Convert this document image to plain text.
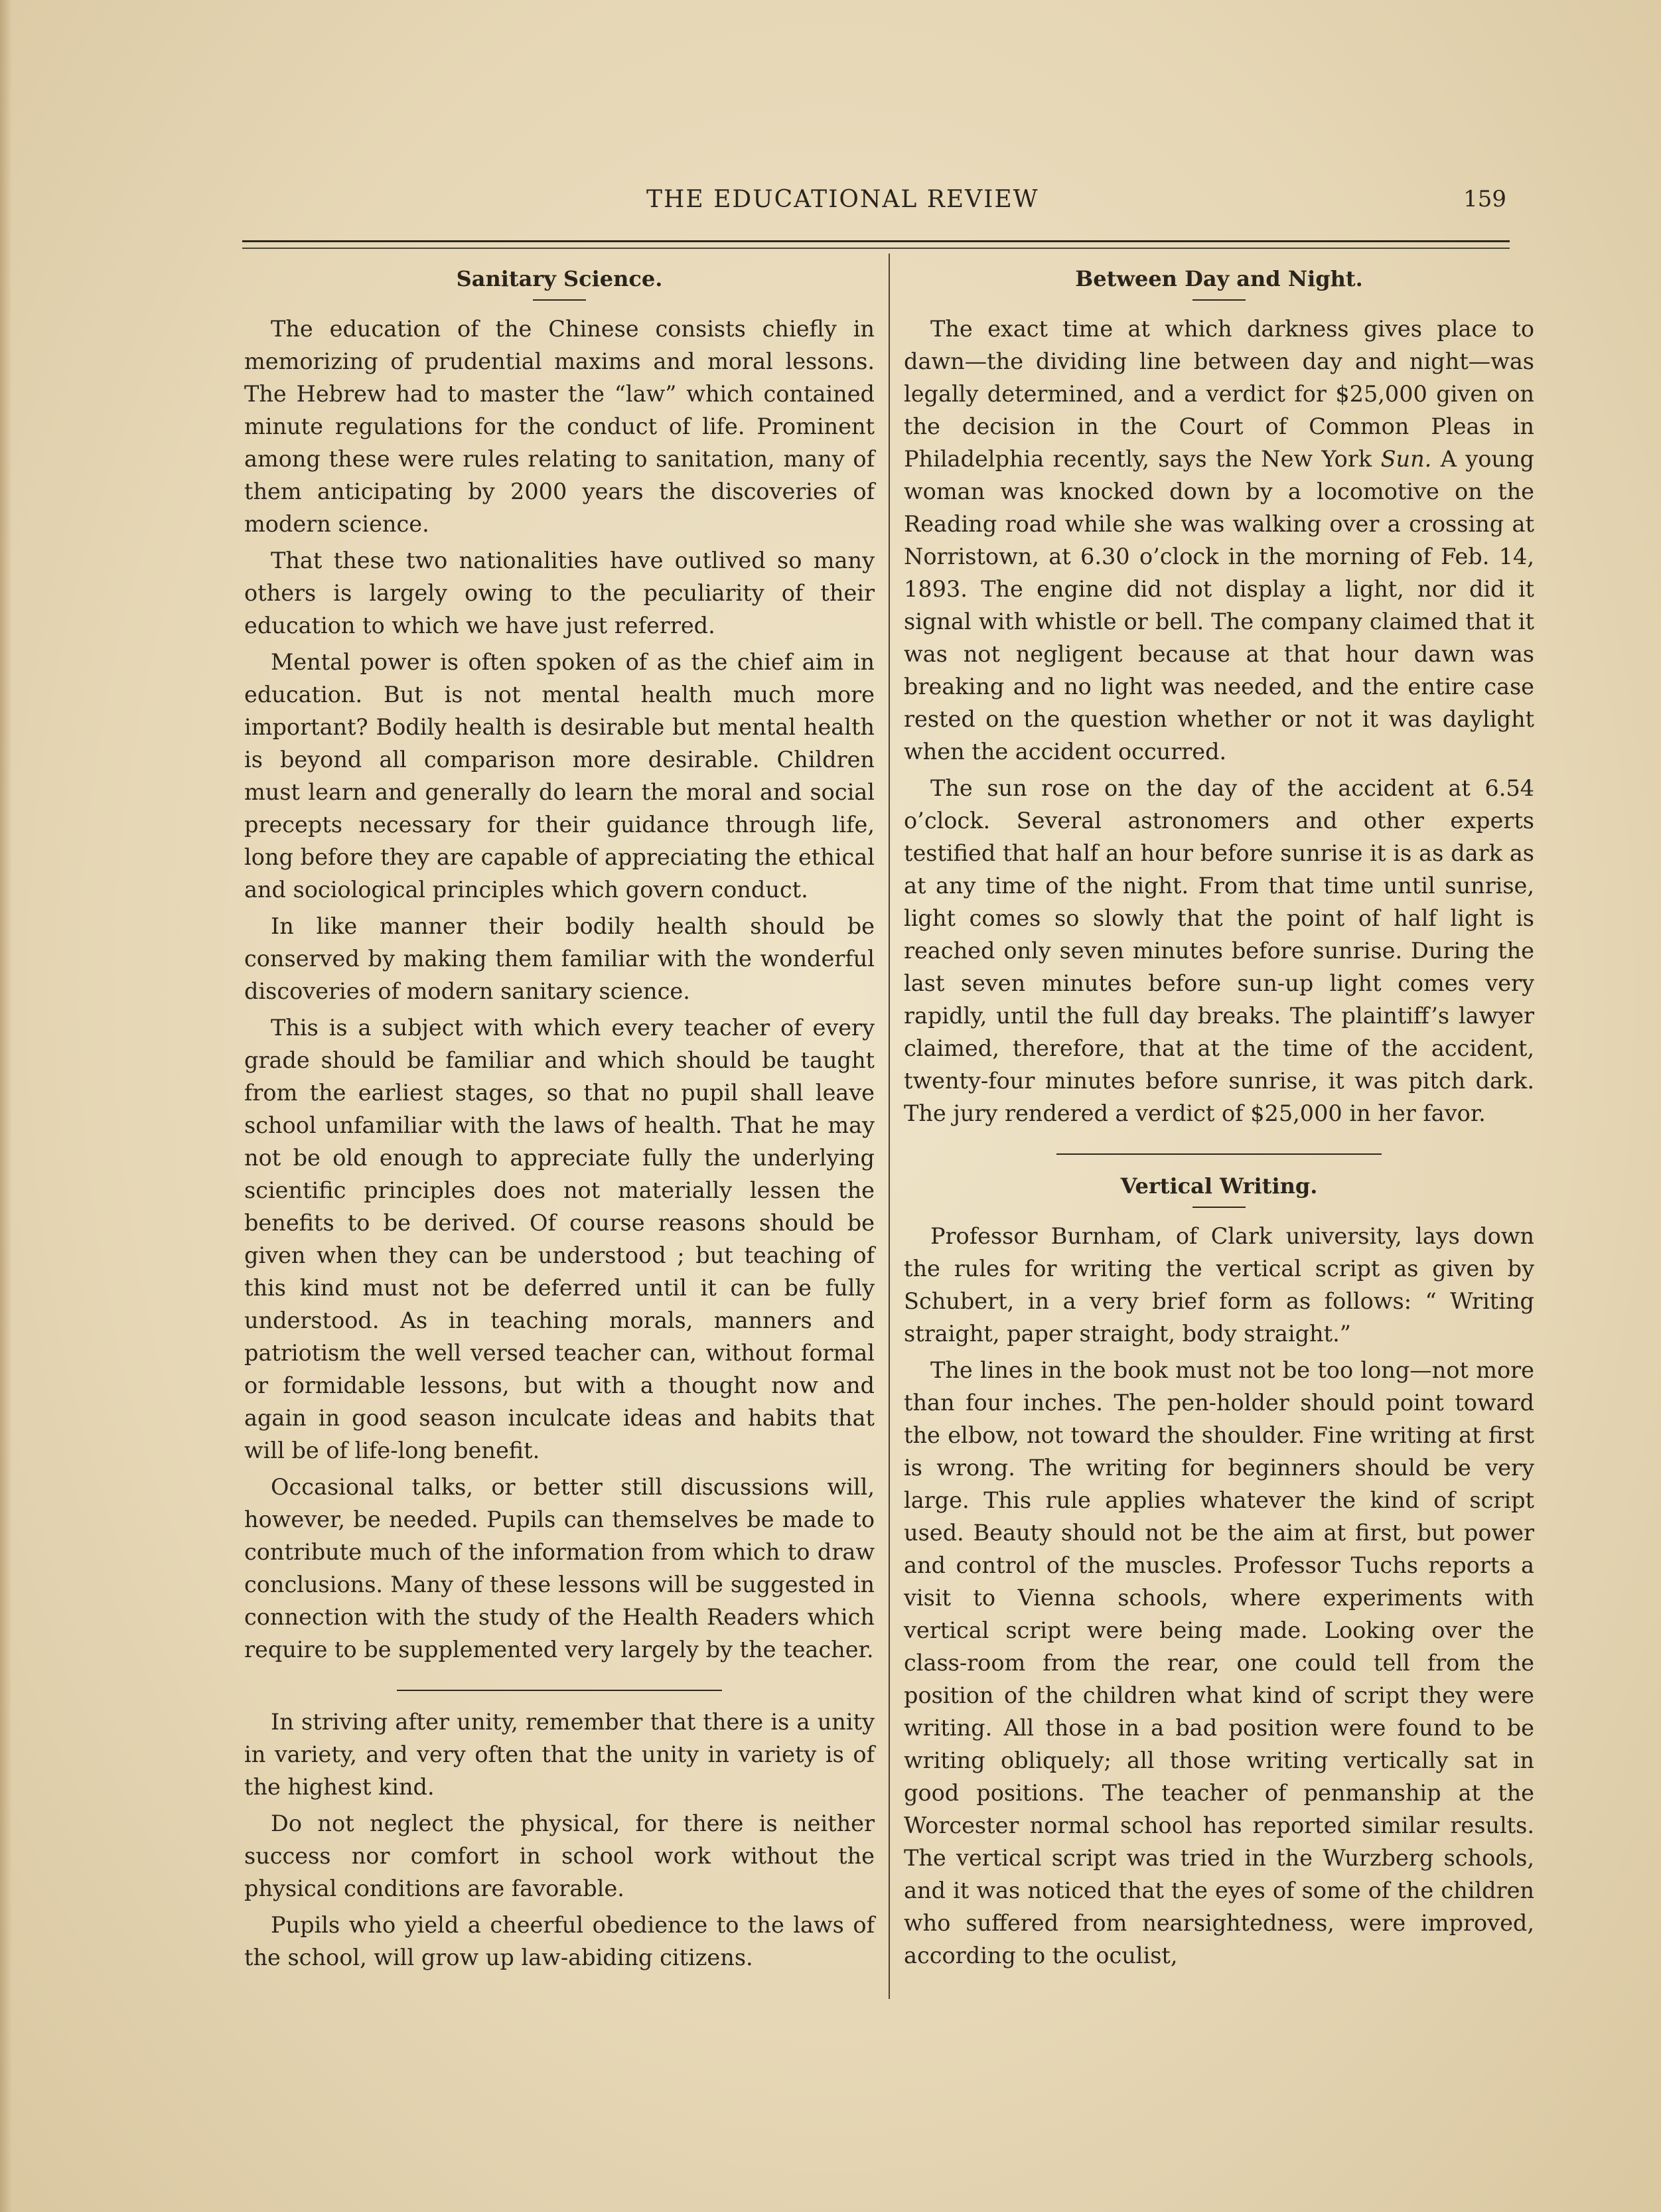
THE EDUCATIONAL REVIEW	159
Sanitary Science.

The education of the Chinese consists chiefly in memorizing of prudential maxims and moral lessons. The Hebrew had to master the “law” which contained minute regulations for the conduct of life. Prominent among these were rules relating to sanitation, many of them anticipating by 2000 years the discoveries of modern science.

That these two nationalities have outlived so many others is largely owing to the peculiarity of their education to which we have just referred.

Mental power is often spoken of as the chief aim in education. But is not mental health much more important? Bodily health is desirable but mental health is beyond all comparison more desirable. Children must learn and generally do learn the moral and social precepts necessary for their guidance through life, long before they are capable of appreciating the ethical and sociological principles which govern conduct.

In like manner their bodily health should be conserved by making them familiar with the wonderful discoveries of modern sanitary science.

This is a subject with which every teacher of every grade should be familiar and which should be taught from the earliest stages, so that no pupil shall leave school unfamiliar with the laws of health. That he may not be old enough to appreciate fully the underlying scientific principles does not materially lessen the benefits to be derived. Of course reasons should be given when they can be understood ; but teaching of this kind must not be deferred until it can be fully understood. As in teaching morals, manners and patriotism the well versed teacher can, without formal or formidable lessons, but with a thought now and again in good season inculcate ideas and habits that will be of life-long benefit.

Occasional talks, or better still discussions will, however, be needed. Pupils can themselves be made to contribute much of the information from which to draw conclusions. Many of these lessons will be suggested in connection with the study of the Health Readers which require to be supplemented very largely by the teacher.

In striving after unity, remember that there is a unity in variety, and very often that the unity in variety is of the highest kind.

Do not neglect the physical, for there is neither success nor comfort in school work without the physical conditions are favorable.

Pupils who yield a cheerful obedience to the laws of the school, will grow up law-abiding citizens.

Between Day and Night.

The exact time at which darkness gives place to dawn—the dividing line between day and night—was legally determined, and a verdict for $25,000 given on the decision in the Court of Common Pleas in Philadelphia recently, says the New York Sun. A young woman was knocked down by a locomotive on the Reading road while she was walking over a crossing at Norristown, at 6.30 o’clock in the morning of Feb. 14, 1893. The engine did not display a light, nor did it signal with whistle or bell. The company claimed that it was not negligent because at that hour dawn was breaking and no light was needed, and the entire case rested on the question whether or not it was daylight when the accident occurred.

The sun rose on the day of the accident at 6.54 o’clock. Several astronomers and other experts testified that half an hour before sunrise it is as dark as at any time of the night. From that time until sunrise, light comes so slowly that the point of half light is reached only seven minutes before sunrise. During the last seven minutes before sun-up light comes very rapidly, until the full day breaks. The plaintiff’s lawyer claimed, therefore, that at the time of the accident, twenty-four minutes before sunrise, it was pitch dark. The jury rendered a verdict of $25,000 in her favor.

Vertical Writing.

Professor Burnham, of Clark university, lays down the rules for writing the vertical script as given by Schubert, in a very brief form as follows: “ Writing straight, paper straight, body straight.”

The lines in the book must not be too long—not more than four inches. The pen-holder should point toward the elbow, not toward the shoulder. Fine writing at first is wrong. The writing for beginners should be very large. This rule applies whatever the kind of script used. Beauty should not be the aim at first, but power and control of the muscles. Professor Tuchs reports a visit to Vienna schools, where experiments with vertical script were being made. Looking over the class-room from the rear, one could tell from the position of the children what kind of script they were writing. All those in a bad position were found to be writing obliquely; all those writing vertically sat in good positions. The teacher of penmanship at the Worcester normal school has reported similar results. The vertical script was tried in the Wurzberg schools, and it was noticed that the eyes of some of the children who suffered from nearsightedness, were improved, according to the oculist,
